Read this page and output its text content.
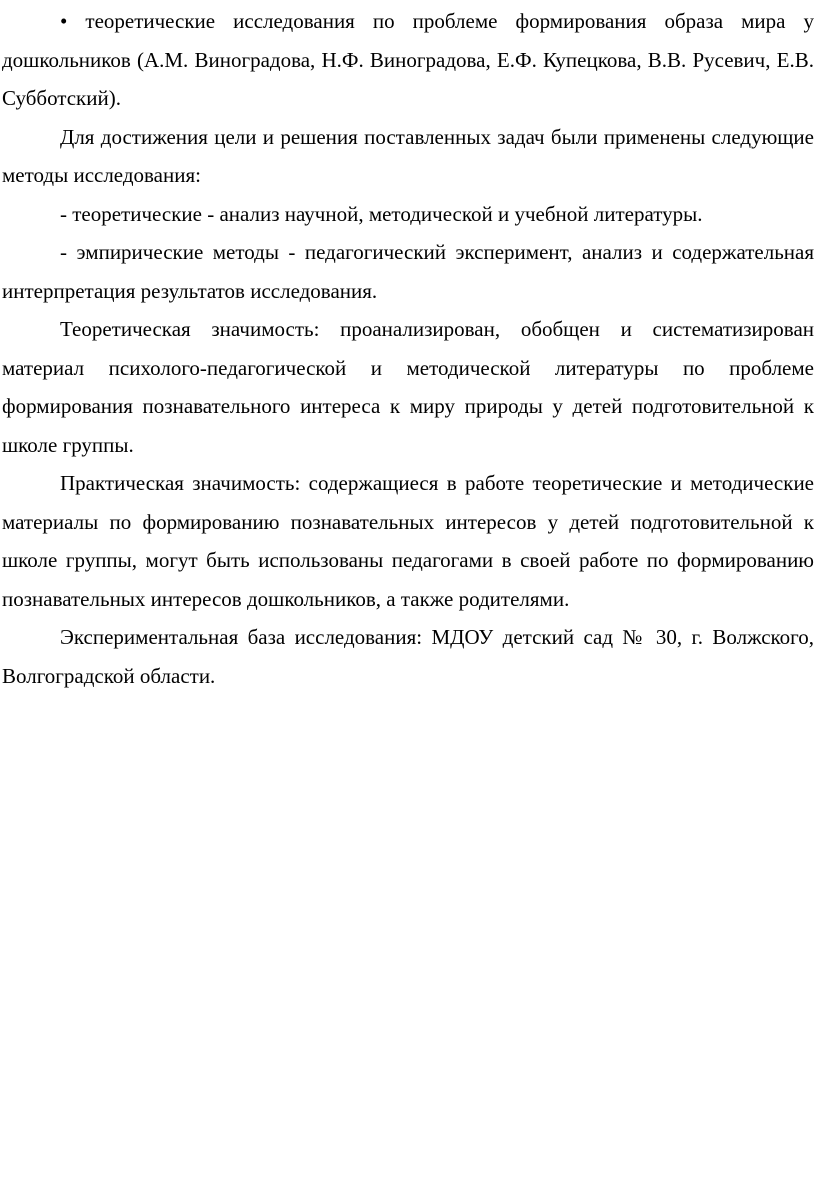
• теоретические исследования по проблеме формирования образа мира у дошкольников (А.М. Виноградова, Н.Ф. Виноградова, Е.Ф. Купецкова, В.В. Русевич, Е.В. Субботский).

Для достижения цели и решения поставленных задач были применены следующие методы исследования:

- теоретические - анализ научной, методической и учебной литературы.

- эмпирические методы - педагогический эксперимент, анализ и содержательная интерпретация результатов исследования.

Теоретическая значимость: проанализирован, обобщен и систематизирован материал психолого-педагогической и методической литературы по проблеме формирования познавательного интереса к миру природы у детей подготовительной к школе группы.

Практическая значимость: содержащиеся в работе теоретические и методические материалы по формированию познавательных интересов у детей подготовительной к школе группы, могут быть использованы педагогами в своей работе по формированию познавательных интересов дошкольников, а также родителями.

Экспериментальная база исследования: МДОУ детский сад № 30, г. Волжского, Волгоградской области.
